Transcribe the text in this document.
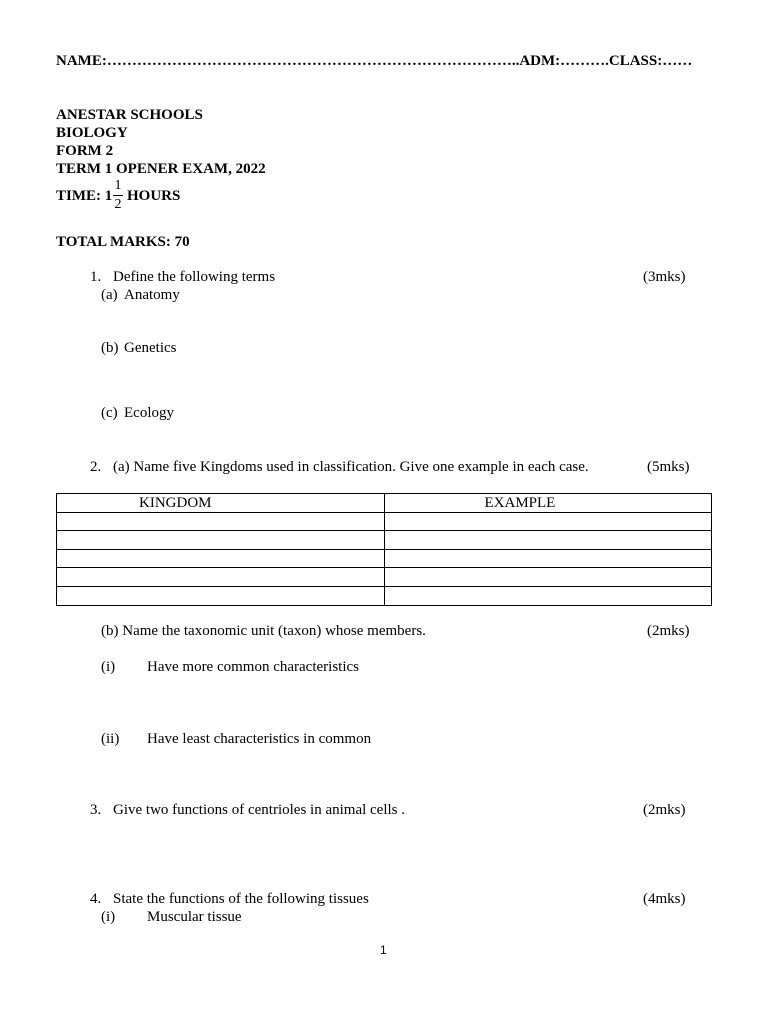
NAME:………………………………………………………………………..ADM:……….CLASS:……
ANESTAR SCHOOLS
BIOLOGY
FORM 2
TERM 1 OPENER EXAM, 2022
TIME: 1
1
2
HOURS
TOTAL MARKS: 70
1. Define the following terms	(3mks)
(a) Anatomy
(b) Genetics
(c) Ecology
2. (a) Name five Kingdoms used in classification. Give one example in each case.	(5mks)
KINGDOM	EXAMPLE

(b) Name the taxonomic unit (taxon) whose members.	(2mks)
(i) Have more common characteristics
(ii) Have least characteristics in common
3. Give two functions of centrioles in animal cells .	(2mks)
4. State the functions of the following tissues	(4mks)
(i) Muscular tissue
1
